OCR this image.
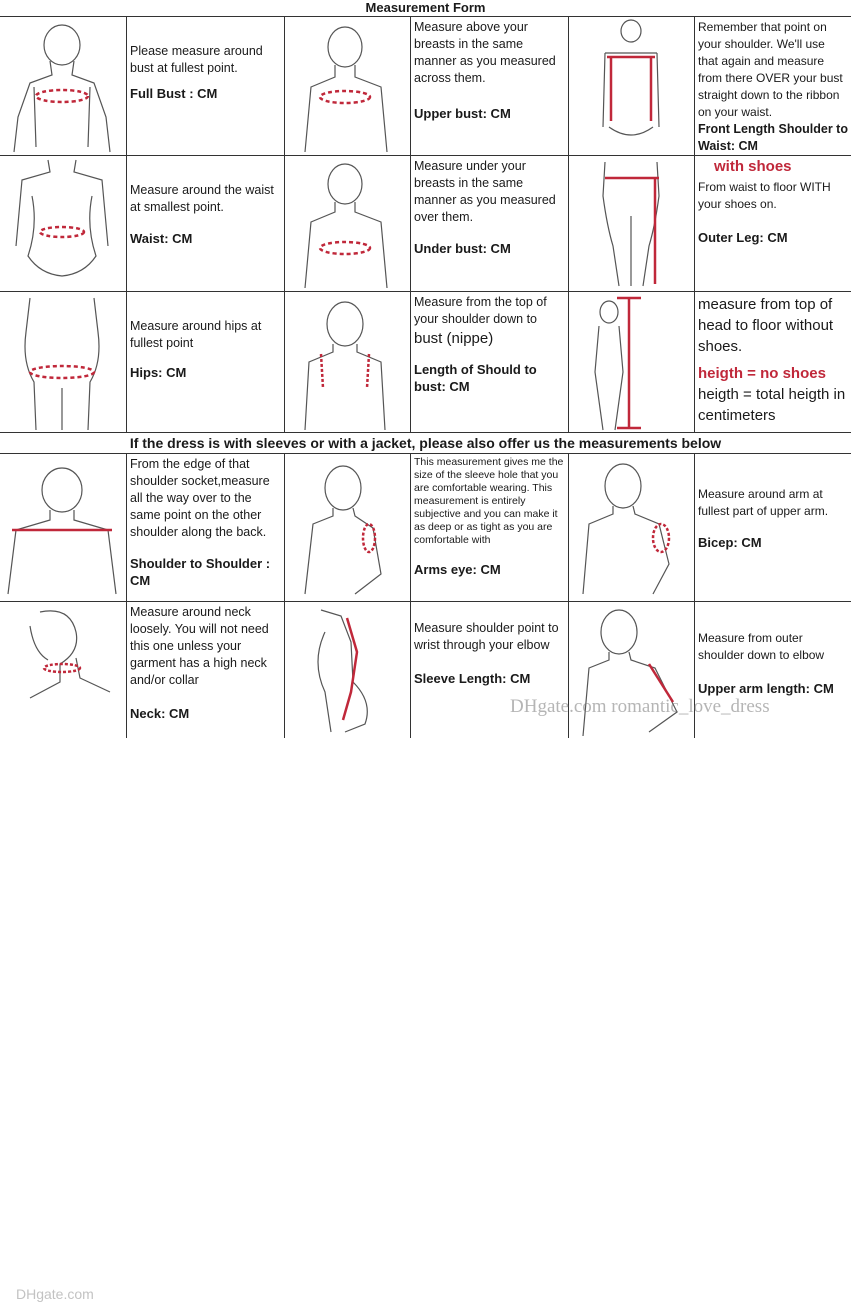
Measurement Form
Please measure around bust at fullest point.
Full Bust : CM
Measure above your breasts in the same manner as you measured across them.
Upper bust: CM
Remember that point on your shoulder. We'll use that again and measure from there OVER your bust straight down to the ribbon on your waist.
Front Length Shoulder to Waist: CM
Measure around the waist at smallest point.
Waist: CM
Measure under your breasts in the same manner as you measured over them.
Under bust: CM
with shoes
From waist to floor WITH your shoes on.
Outer Leg: CM
Measure around hips at fullest point
Hips: CM
Measure from the top of your shoulder down to
bust (nippe)
Length of Should to bust: CM
measure from top of head to floor without shoes.
heigth = no shoes
heigth = total heigth in centimeters
If the dress is with sleeves or with a jacket, please also offer us the measurements below
From the edge of that shoulder socket,measure all the way over to the same point on the other shoulder along the back.
Shoulder to Shoulder : CM
This measurement gives me the size of the sleeve hole that you are comfortable wearing. This measurement is entirely subjective and you can make it as deep or as tight as you are comfortable with
Arms eye: CM
Measure around arm at fullest part of upper arm.
Bicep: CM
DHgate.com
Measure around neck loosely. You will not need this one unless your garment has a high neck and/or collar
Neck: CM
Measure shoulder point to wrist through your elbow
Sleeve Length: CM
Measure from outer shoulder down to elbow
Upper arm length: CM
DHgate.com romantic_love_dress
